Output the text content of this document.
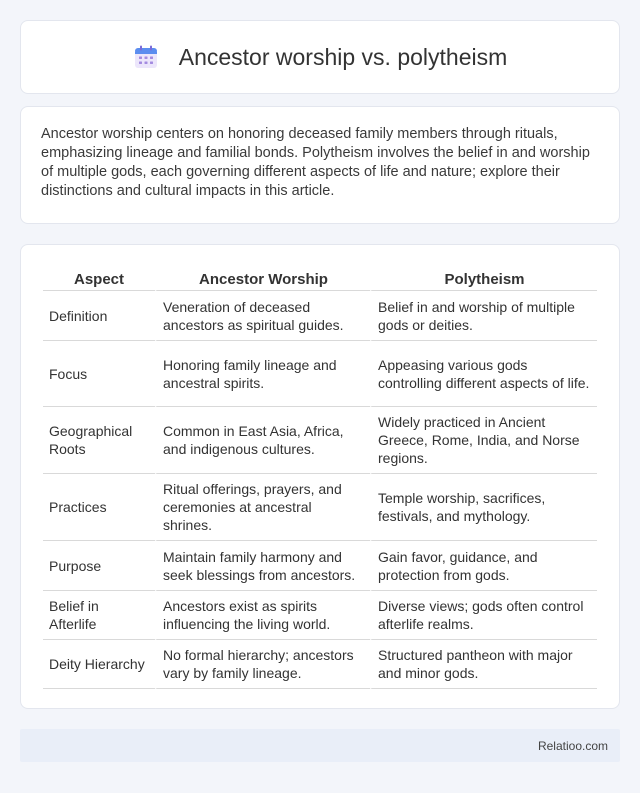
Ancestor worship vs. polytheism

Ancestor worship centers on honoring deceased family members through rituals, emphasizing lineage and familial bonds. Polytheism involves the belief in and worship of multiple gods, each governing different aspects of life and nature; explore their distinctions and cultural impacts in this article.

Aspect	Ancestor Worship	Polytheism
Definition	Veneration of deceased ancestors as spiritual guides.	Belief in and worship of multiple gods or deities.
Focus	Honoring family lineage and ancestral spirits.	Appeasing various gods controlling different aspects of life.
Geographical Roots	Common in East Asia, Africa, and indigenous cultures.	Widely practiced in Ancient Greece, Rome, India, and Norse regions.
Practices	Ritual offerings, prayers, and ceremonies at ancestral shrines.	Temple worship, sacrifices, festivals, and mythology.
Purpose	Maintain family harmony and seek blessings from ancestors.	Gain favor, guidance, and protection from gods.
Belief in Afterlife	Ancestors exist as spirits influencing the living world.	Diverse views; gods often control afterlife realms.
Deity Hierarchy	No formal hierarchy; ancestors vary by family lineage.	Structured pantheon with major and minor gods.
Relatioo.com
